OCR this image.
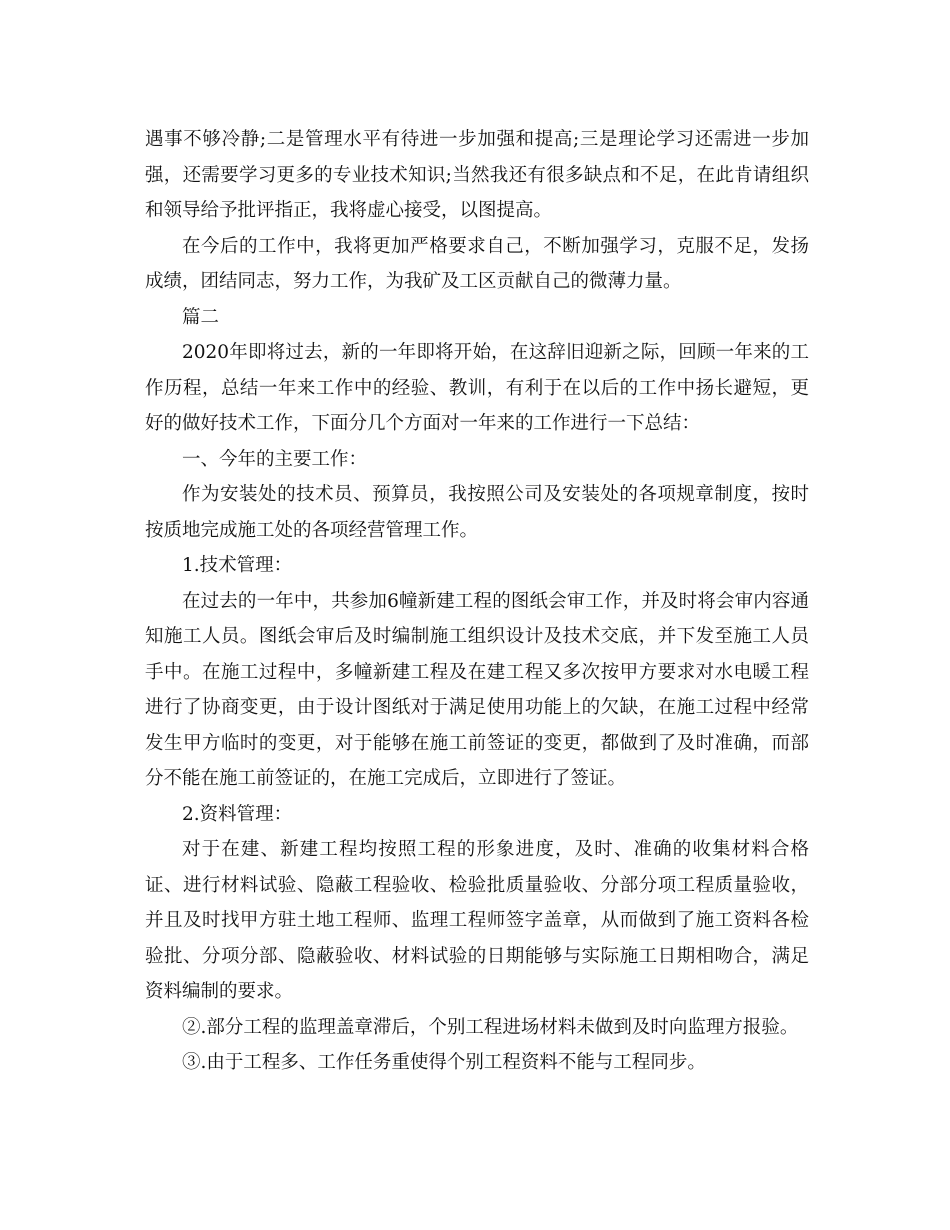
遇事不够冷静;二是管理水平有待进一步加强和提高;三是理论学习还需进一步加强，还需要学习更多的专业技术知识;当然我还有很多缺点和不足，在此肯请组织和领导给予批评指正，我将虚心接受，以图提高。

在今后的工作中，我将更加严格要求自己，不断加强学习，克服不足，发扬成绩，团结同志，努力工作，为我矿及工区贡献自己的微薄力量。

篇二

2020年即将过去，新的一年即将开始，在这辞旧迎新之际，回顾一年来的工作历程，总结一年来工作中的经验、教训，有利于在以后的工作中扬长避短，更好的做好技术工作，下面分几个方面对一年来的工作进行一下总结：

一、今年的主要工作：

作为安装处的技术员、预算员，我按照公司及安装处的各项规章制度，按时按质地完成施工处的各项经营管理工作。

1.技术管理：

在过去的一年中，共参加6幢新建工程的图纸会审工作，并及时将会审内容通知施工人员。图纸会审后及时编制施工组织设计及技术交底，并下发至施工人员手中。在施工过程中，多幢新建工程及在建工程又多次按甲方要求对水电暖工程进行了协商变更，由于设计图纸对于满足使用功能上的欠缺，在施工过程中经常发生甲方临时的变更，对于能够在施工前签证的变更，都做到了及时准确，而部分不能在施工前签证的，在施工完成后，立即进行了签证。

2.资料管理：

对于在建、新建工程均按照工程的形象进度，及时、准确的收集材料合格证、进行材料试验、隐蔽工程验收、检验批质量验收、分部分项工程质量验收，并且及时找甲方驻土地工程师、监理工程师签字盖章，从而做到了施工资料各检验批、分项分部、隐蔽验收、材料试验的日期能够与实际施工日期相吻合，满足资料编制的要求。

②.部分工程的监理盖章滞后，个别工程进场材料未做到及时向监理方报验。

③.由于工程多、工作任务重使得个别工程资料不能与工程同步。
